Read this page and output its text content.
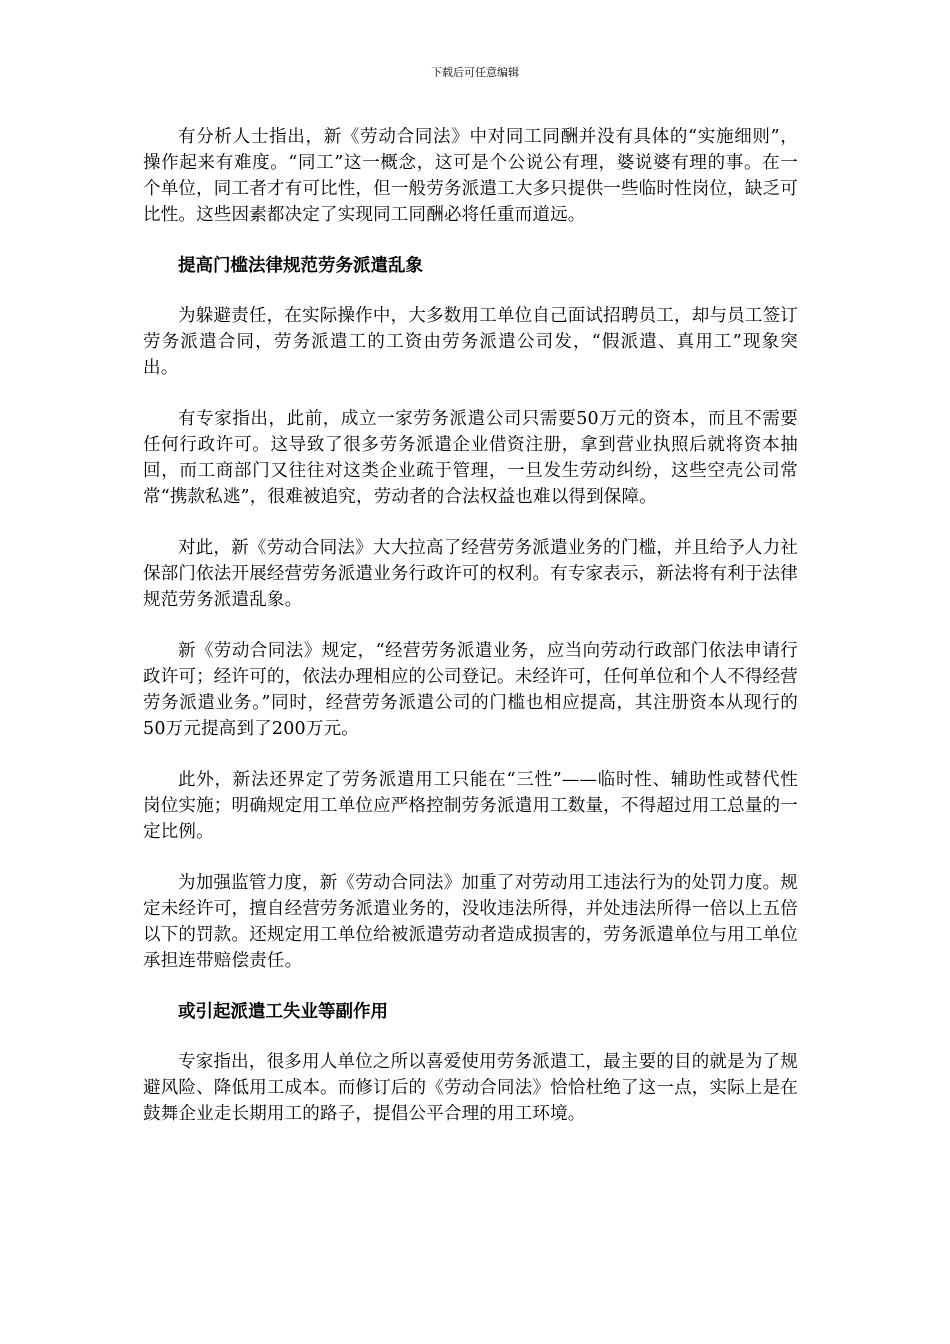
下载后可任意编辑

有分析人士指出，新《劳动合同法》中对同工同酬并没有具体的“实施细则”，操作起来有难度。“同工”这一概念，这可是个公说公有理，婆说婆有理的事。在一个单位，同工者才有可比性，但一般劳务派遣工大多只提供一些临时性岗位，缺乏可比性。这些因素都决定了实现同工同酬必将任重而道远。

提高门槛法律规范劳务派遣乱象

为躲避责任，在实际操作中，大多数用工单位自己面试招聘员工，却与员工签订劳务派遣合同，劳务派遣工的工资由劳务派遣公司发，“假派遣、真用工”现象突出。

有专家指出，此前，成立一家劳务派遣公司只需要50万元的资本，而且不需要任何行政许可。这导致了很多劳务派遣企业借资注册，拿到营业执照后就将资本抽回，而工商部门又往往对这类企业疏于管理，一旦发生劳动纠纷，这些空壳公司常常“携款私逃”，很难被追究，劳动者的合法权益也难以得到保障。

对此，新《劳动合同法》大大拉高了经营劳务派遣业务的门槛，并且给予人力社保部门依法开展经营劳务派遣业务行政许可的权利。有专家表示，新法将有利于法律规范劳务派遣乱象。

新《劳动合同法》规定，“经营劳务派遣业务，应当向劳动行政部门依法申请行政许可；经许可的，依法办理相应的公司登记。未经许可，任何单位和个人不得经营劳务派遣业务。”同时，经营劳务派遣公司的门槛也相应提高，其注册资本从现行的50万元提高到了200万元。

此外，新法还界定了劳务派遣用工只能在“三性”——临时性、辅助性或替代性岗位实施；明确规定用工单位应严格控制劳务派遣用工数量，不得超过用工总量的一定比例。

为加强监管力度，新《劳动合同法》加重了对劳动用工违法行为的处罚力度。规定未经许可，擅自经营劳务派遣业务的，没收违法所得，并处违法所得一倍以上五倍以下的罚款。还规定用工单位给被派遣劳动者造成损害的，劳务派遣单位与用工单位承担连带赔偿责任。

或引起派遣工失业等副作用

专家指出，很多用人单位之所以喜爱使用劳务派遣工，最主要的目的就是为了规避风险、降低用工成本。而修订后的《劳动合同法》恰恰杜绝了这一点，实际上是在鼓舞企业走长期用工的路子，提倡公平合理的用工环境。
